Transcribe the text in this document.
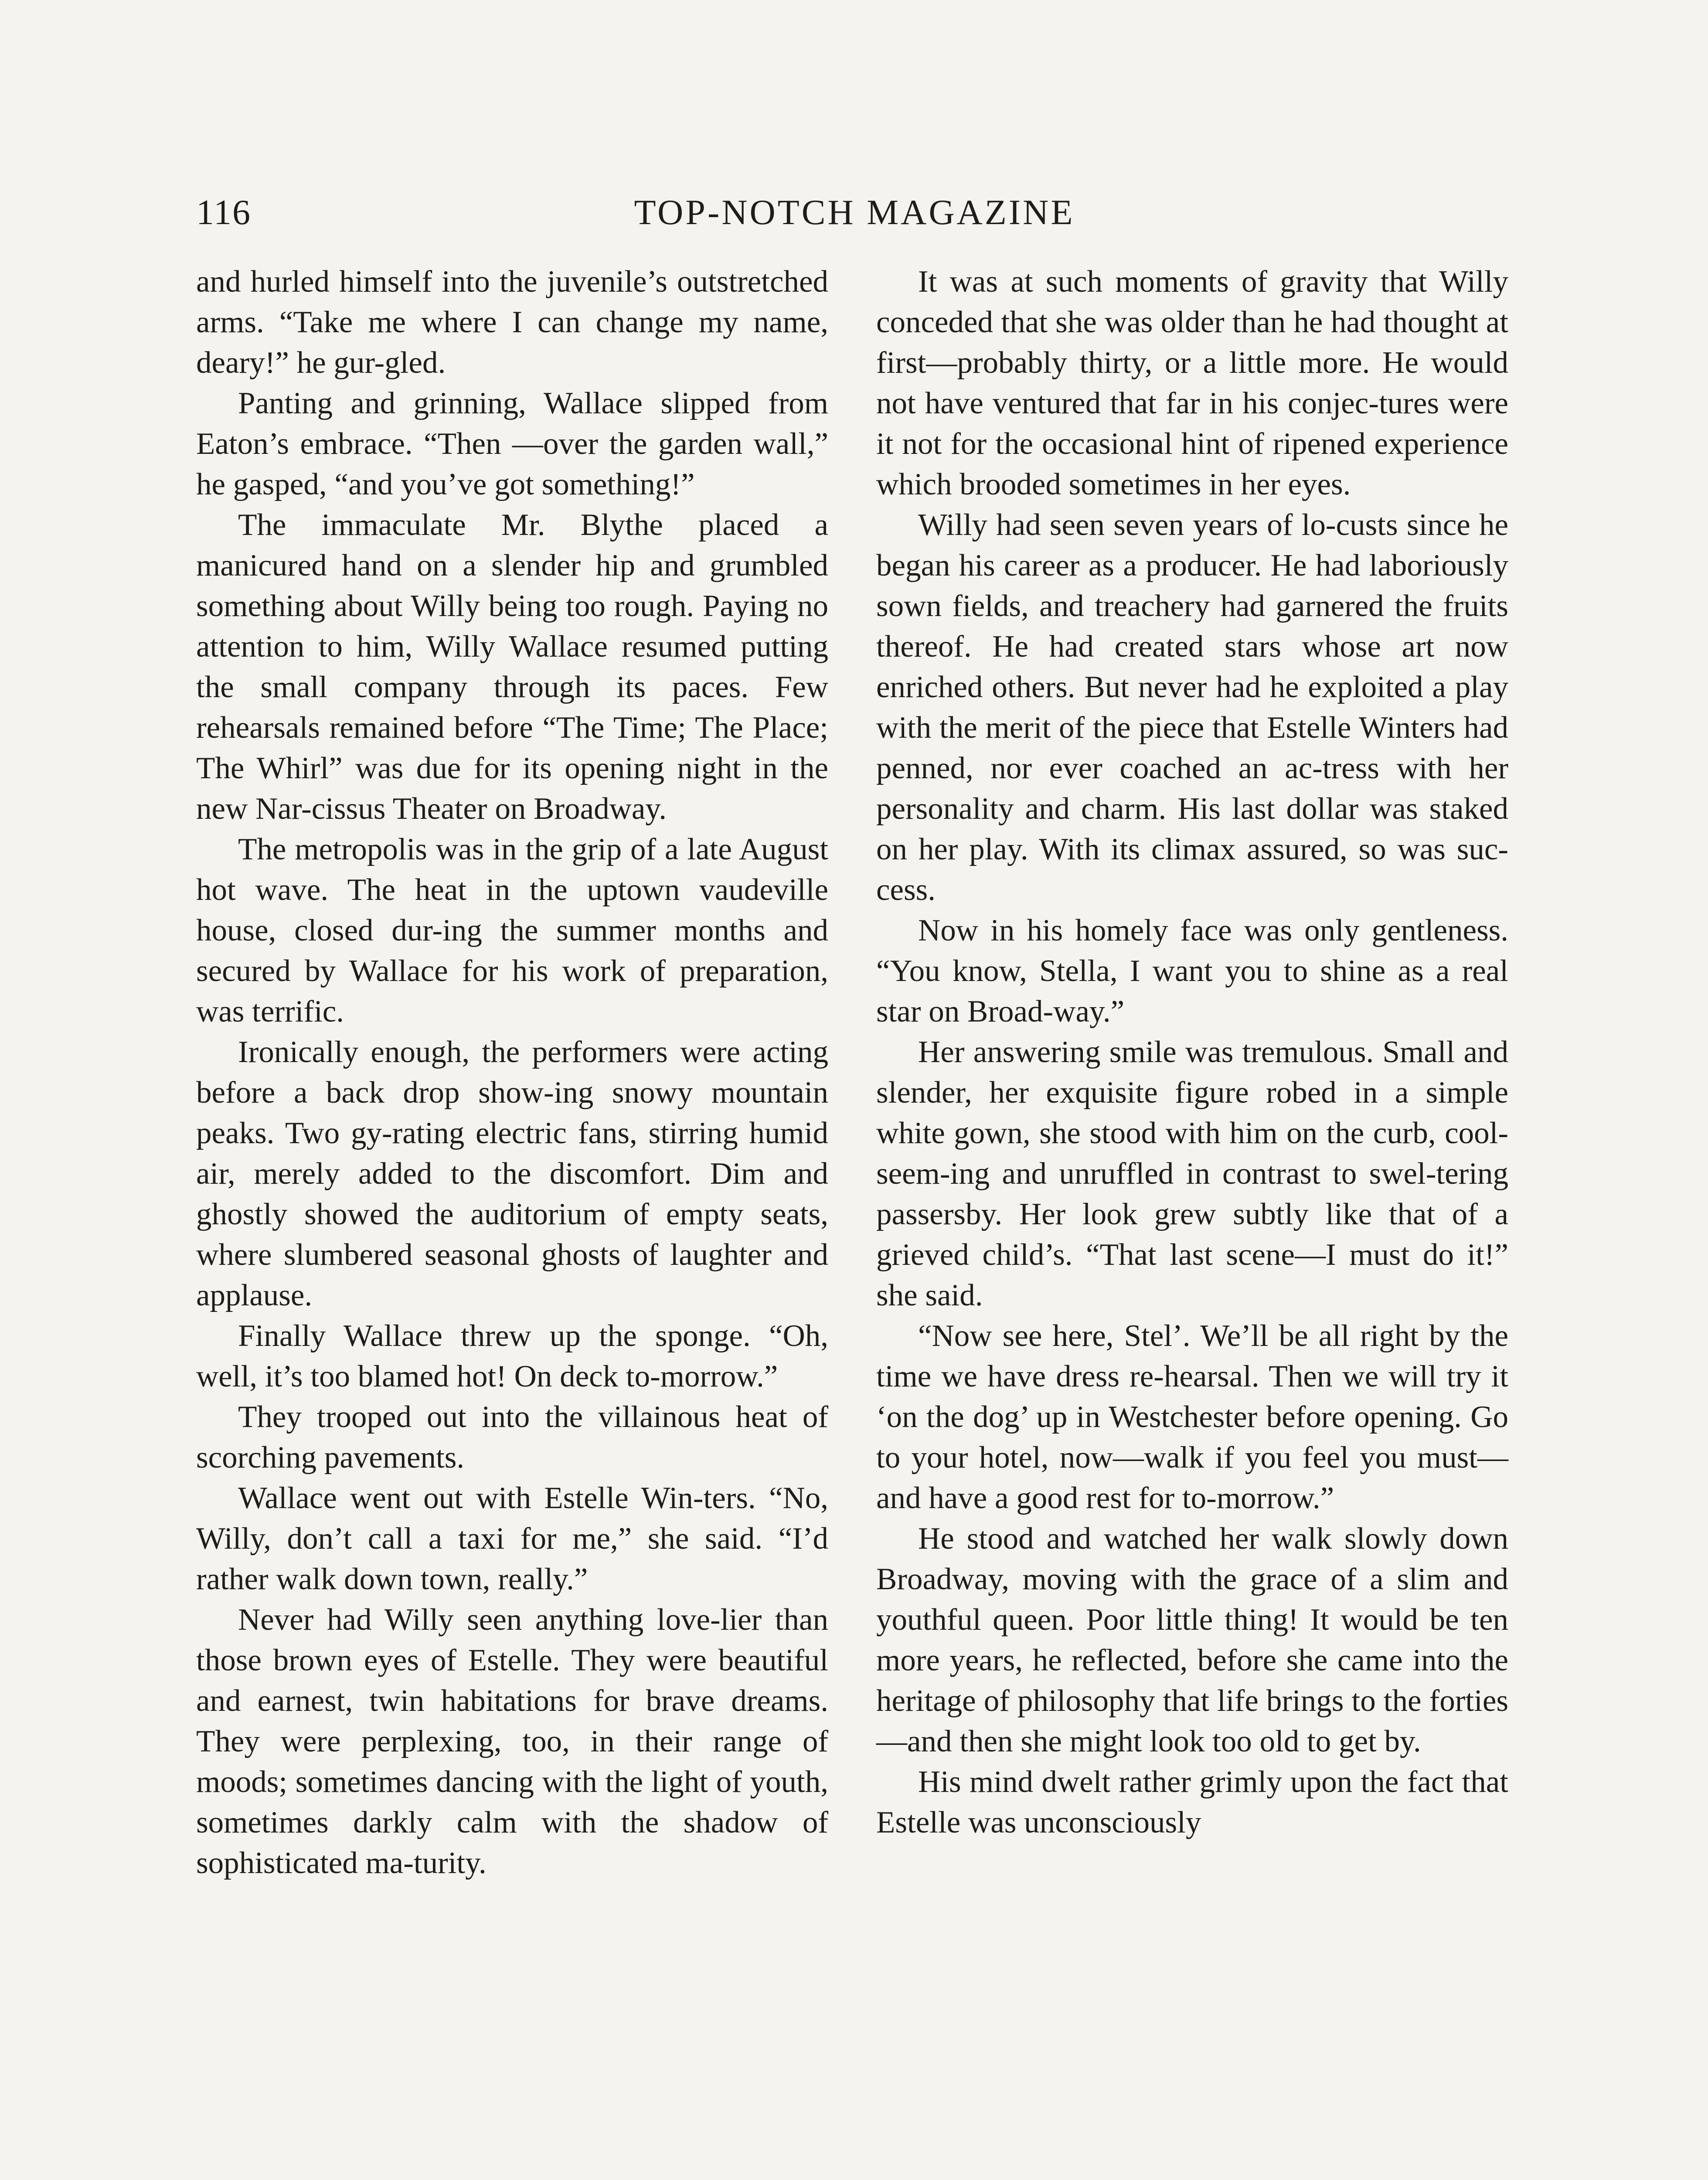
116	TOP-NOTCH MAGAZINE

and hurled himself into the juvenile’s outstretched arms. “Take me where I can change my name, deary!” he gur-gled.

Panting and grinning, Wallace slipped from Eaton’s embrace. “Then —over the garden wall,” he gasped, “and you’ve got something!”

The immaculate Mr. Blythe placed a manicured hand on a slender hip and grumbled something about Willy being too rough. Paying no attention to him, Willy Wallace resumed putting the small company through its paces. Few rehearsals remained before “The Time; The Place; The Whirl” was due for its opening night in the new Nar-cissus Theater on Broadway.

The metropolis was in the grip of a late August hot wave. The heat in the uptown vaudeville house, closed dur-ing the summer months and secured by Wallace for his work of preparation, was terrific.

Ironically enough, the performers were acting before a back drop show-ing snowy mountain peaks. Two gy-rating electric fans, stirring humid air, merely added to the discomfort. Dim and ghostly showed the auditorium of empty seats, where slumbered seasonal ghosts of laughter and applause.

Finally Wallace threw up the sponge. “Oh, well, it’s too blamed hot! On deck to-morrow.”

They trooped out into the villainous heat of scorching pavements.

Wallace went out with Estelle Win-ters. “No, Willy, don’t call a taxi for me,” she said. “I’d rather walk down town, really.”

Never had Willy seen anything love-lier than those brown eyes of Estelle. They were beautiful and earnest, twin habitations for brave dreams. They were perplexing, too, in their range of moods; sometimes dancing with the light of youth, sometimes darkly calm with the shadow of sophisticated ma-turity.

It was at such moments of gravity that Willy conceded that she was older than he had thought at first—probably thirty, or a little more. He would not have ventured that far in his conjec-tures were it not for the occasional hint of ripened experience which brooded sometimes in her eyes.

Willy had seen seven years of lo-custs since he began his career as a producer. He had laboriously sown fields, and treachery had garnered the fruits thereof. He had created stars whose art now enriched others. But never had he exploited a play with the merit of the piece that Estelle Winters had penned, nor ever coached an ac-tress with her personality and charm. His last dollar was staked on her play. With its climax assured, so was suc-cess.

Now in his homely face was only gentleness. “You know, Stella, I want you to shine as a real star on Broad-way.”

Her answering smile was tremulous. Small and slender, her exquisite figure robed in a simple white gown, she stood with him on the curb, cool-seem-ing and unruffled in contrast to swel-tering passersby. Her look grew subtly like that of a grieved child’s. “That last scene—I must do it!” she said.

“Now see here, Stel’. We’ll be all right by the time we have dress re-hearsal. Then we will try it ‘on the dog’ up in Westchester before opening. Go to your hotel, now—walk if you feel you must—and have a good rest for to-morrow.”

He stood and watched her walk slowly down Broadway, moving with the grace of a slim and youthful queen. Poor little thing! It would be ten more years, he reflected, before she came into the heritage of philosophy that life brings to the forties—and then she might look too old to get by.

His mind dwelt rather grimly upon the fact that Estelle was unconsciously
